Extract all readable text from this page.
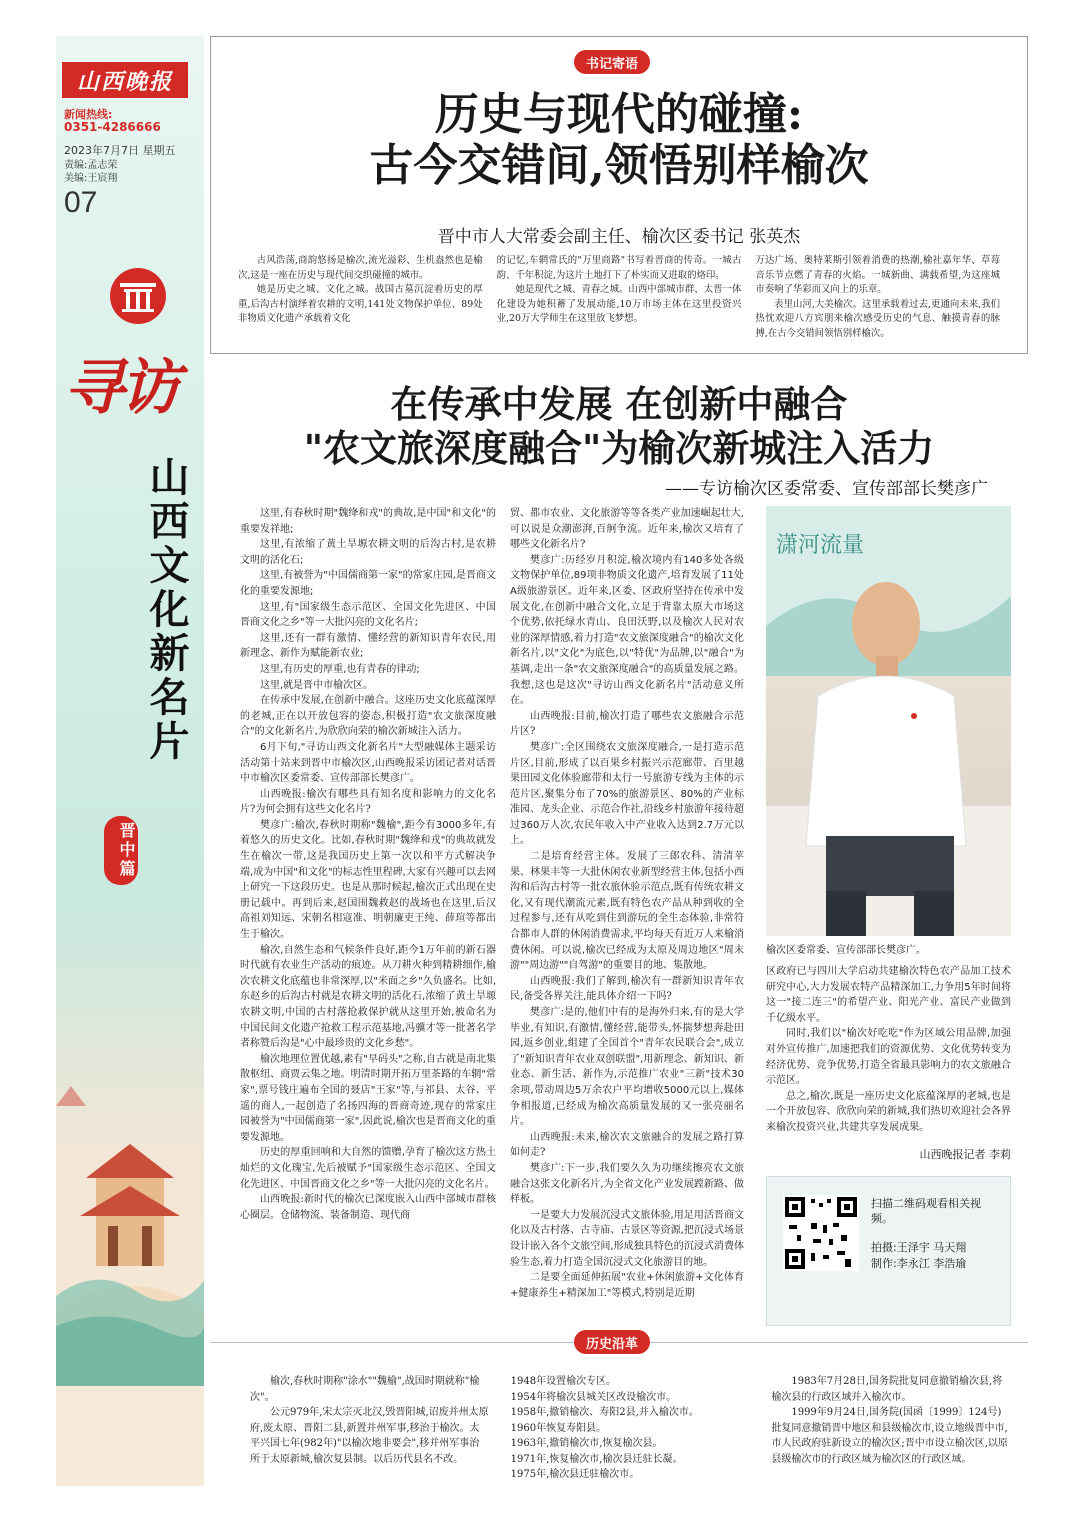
山西晚报
新闻热线:
0351-4286666
2023年7月7日 星期五
责编:孟志荣
美编:王宸翔
07
寻访
山西文化新名片
晋中篇
书记寄语
历史与现代的碰撞:
古今交错间,领悟别样榆次
晋中市人大常委会副主任、榆次区委书记 张英杰

古风浩荡,商韵悠扬是榆次,流光溢彩、生机盎然也是榆次,这是一座在历史与现代间交织碰撞的城市。

她是历史之城、文化之城。战国古墓沉淀着历史的厚重,后沟古村演绎着农耕的文明,141处文物保护单位、89处非物质文化遗产承载着文化

的记忆,车辋常氏的"万里商路"书写着晋商的传奇。一城古韵、千年积淀,为这片土地打下了朴实而又进取的烙印。

她是现代之城、青春之城。山西中部城市群、太晋一体化建设为她积蓄了发展动能,10万市场主体在这里投资兴业,20万大学师生在这里放飞梦想。

万达广场、奥特莱斯引领着消费的热潮,榆社嘉年华、草莓音乐节点燃了青春的火焰。一城新曲、满载希望,为这座城市奏响了华彩而又向上的乐章。

表里山河,大美榆次。这里承载着过去,更通向未来,我们热忱欢迎八方宾朋来榆次感受历史的气息、触摸青春的脉搏,在古今交错间领悟别样榆次。

在传承中发展 在创新中融合
"农文旅深度融合"为榆次新城注入活力
——专访榆次区委常委、宣传部部长樊彦广

这里,有春秋时期"魏绛和戎"的典故,是中国"和文化"的重要发祥地;

这里,有浓缩了黄土旱塬农耕文明的后沟古村,是农耕文明的活化石;

这里,有被誉为"中国儒商第一家"的常家庄园,是晋商文化的重要发源地;

这里,有"国家级生态示范区、全国文化先进区、中国晋商文化之乡"等一大批闪亮的文化名片;

这里,还有一群有激情、懂经营的新知识青年农民,用新理念、新作为赋能新农业;

这里,有历史的厚重,也有青春的律动;

这里,就是晋中市榆次区。

在传承中发展,在创新中融合。这座历史文化底蕴深厚的老城,正在以开放包容的姿态,积极打造"农文旅深度融合"的文化新名片,为欣欣向荣的榆次新城注入活力。

6月下旬,"寻访山西文化新名片"大型融媒体主题采访活动第十站来到晋中市榆次区,山西晚报采访团记者对话晋中市榆次区委常委、宣传部部长樊彦广。

山西晚报:榆次有哪些具有知名度和影响力的文化名片?为何会拥有这些文化名片?

樊彦广:榆次,春秋时期称"魏榆",距今有3000多年,有着悠久的历史文化。比如,春秋时期"魏绛和戎"的典故就发生在榆次一带,这是我国历史上第一次以和平方式解决争端,成为中国"和文化"的标志性里程碑,大家有兴趣可以去网上研究一下这段历史。也是从那时候起,榆次正式出现在史册记载中。再到后来,赵国围魏救赵的战场也在这里,后汉高祖刘知远、宋朝名相寇准、明朝廉吏王纯、薛瑄等都出生于榆次。

榆次,自然生态和气候条件良好,距今1万年前的新石器时代就有农业生产活动的痕迹。从刀耕火种到精耕细作,榆次农耕文化底蕴也非常深厚,以"米面之乡"久负盛名。比如,东赵乡的后沟古村就是农耕文明的活化石,浓缩了黄土旱塬农耕文明,中国的古村落抢救保护就从这里开始,被命名为中国民间文化遗产抢救工程示范基地,冯骥才等一批著名学者称赞后沟是"心中最珍贵的文化乡愁"。

榆次地理位置优越,素有"早码头"之称,自古就是南北集散枢纽、商贾云集之地。明清时期开拓万里茶路的车辋"常家",票号钱庄遍布全国的聂店"王家"等,与祁县、太谷、平遥的商人,一起创造了名扬四海的晋商奇迹,现存的常家庄园被誉为"中国儒商第一家",因此说,榆次也是晋商文化的重要发源地。

历史的厚重回响和大自然的馈赠,孕育了榆次这方热土灿烂的文化瑰宝,先后被赋予"国家级生态示范区、全国文化先进区、中国晋商文化之乡"等一大批闪亮的文化名片。

山西晚报:新时代的榆次已深度嵌入山西中部城市群核心圈层。仓储物流、装备制造、现代商

贸、都市农业、文化旅游等等各类产业加速崛起壮大,可以说是众潮澎湃,百舸争流。近年来,榆次又培育了哪些文化新名片?

樊彦广:历经岁月积淀,榆次境内有140多处各级文物保护单位,89项非物质文化遗产,培育发展了11处A级旅游景区。近年来,区委、区政府坚持在传承中发展文化,在创新中融合文化,立足于背靠太原大市场这个优势,依托绿水青山、良田沃野,以及榆次人民对农业的深厚情感,着力打造"农文旅深度融合"的榆次文化新名片,以"文化"为底色,以"特优"为品牌,以"融合"为基调,走出一条"农文旅深度融合"的高质量发展之路。我想,这也是这次"寻访山西文化新名片"活动意义所在。

山西晚报:目前,榆次打造了哪些农文旅融合示范片区?

樊彦广:全区围绕农文旅深度融合,一是打造示范片区,目前,形成了以百果乡村振兴示范廊带、百里越果田园文化体验廊带和太行一号旅游专线为主体的示范片区,聚集分布了70%的旅游景区、80%的产业标准园、龙头企业、示范合作社,沿线乡村旅游年接待超过360万人次,农民年收入中产业收入达到2.7万元以上。

二是培育经营主体。发展了三郎农科、清清苹果、林果丰等一大批休闲农业新型经营主体,包括小西沟和后沟古村等一批农旅休验示范点,既有传统农耕文化,又有现代潮流元素,既有特色农产品从种到收的全过程参与,还有从吃到住到游玩的全生态体验,非常符合都市人群的休闲消费需求,平均每天有近万人来榆消费休闲。可以说,榆次已经成为太原及周边地区"周末游""周边游""自驾游"的重要目的地、集散地。

山西晚报:我们了解到,榆次有一群新知识青年农民,备受各界关注,能具体介绍一下吗?

樊彦广:是的,他们中有的是海外归来,有的是大学毕业,有知识,有激情,懂经营,能带头,怀揣梦想奔赴田园,返乡创业,组建了全国首个"青年农民联合会",成立了"新知识青年农业双创联盟",用新理念、新知识、新业态、新生活、新作为,示范推广农业"三新"技术30余项,带动周边5万余农户平均增收5000元以上,媒体争相报道,已经成为榆次高质量发展的又一张亮丽名片。

山西晚报:未来,榆次农文旅融合的发展之路打算如何走?

樊彦广:下一步,我们要久久为功继续擦亮农文旅融合这张文化新名片,为全省文化产业发展蹚新路、做样板。

一是要大力发展沉浸式文旅体验,用足用活晋商文化以及古村落、古寺庙、古景区等资源,把沉浸式场景设计嵌入各个文旅空间,形成独具特色的沉浸式消费体验生态,着力打造全国沉浸式文化旅游目的地。

二是要全面延伸拓展"农业+休闲旅游+文化体育+健康养生+精深加工"等模式,特别是近期

潇河流量
榆次区委常委、宣传部部长樊彦广。

区政府已与四川大学启动共建榆次特色农产品加工技术研究中心,大力发展农特产品精深加工,力争用5年时间将这一"接二连三"的希望产业、阳光产业、富民产业做到千亿级水平。

同时,我们以"榆次好吃吃"作为区域公用品牌,加强对外宣传推广,加速把我们的资源优势、文化优势转变为经济优势、竞争优势,打造全省最具影响力的农文旅融合示范区。

总之,榆次,既是一座历史文化底蕴深厚的老城,也是一个开放包容、欣欣向荣的新城,我们热切欢迎社会各界来榆次投资兴业,共建共享发展成果。

山西晚报记者 李莉
扫描二维码观看相关视频。
拍摄:王泽宇 马天翔
制作:李永江 李浩瑜
历史沿革

榆次,春秋时期称"涂水""魏榆",战国时期就称"榆次"。

公元979年,宋太宗灭北汉,毁晋阳城,诏废并州太原府,废太原、晋阳二县,新置并州军事,移治于榆次。太平兴国七年(982年)"以榆次地非要会",移并州军事治所于太原新城,榆次复县制。以后历代县名不改。

1948年设置榆次专区。
1954年将榆次县城关区改设榆次市。
1958年,撤销榆次、寿阳2县,并入榆次市。
1960年恢复寿阳县。
1963年,撤销榆次市,恢复榆次县。
1971年,恢复榆次市,榆次县迁驻长凝。
1975年,榆次县迁驻榆次市。

1983年7月28日,国务院批复同意撤销榆次县,将榆次县的行政区域并入榆次市。

1999年9月24日,国务院(国函〔1999〕124号)批复同意撤销晋中地区和县级榆次市,设立地级晋中市,市人民政府驻新设立的榆次区;晋中市设立榆次区,以原县级榆次市的行政区域为榆次区的行政区域。
